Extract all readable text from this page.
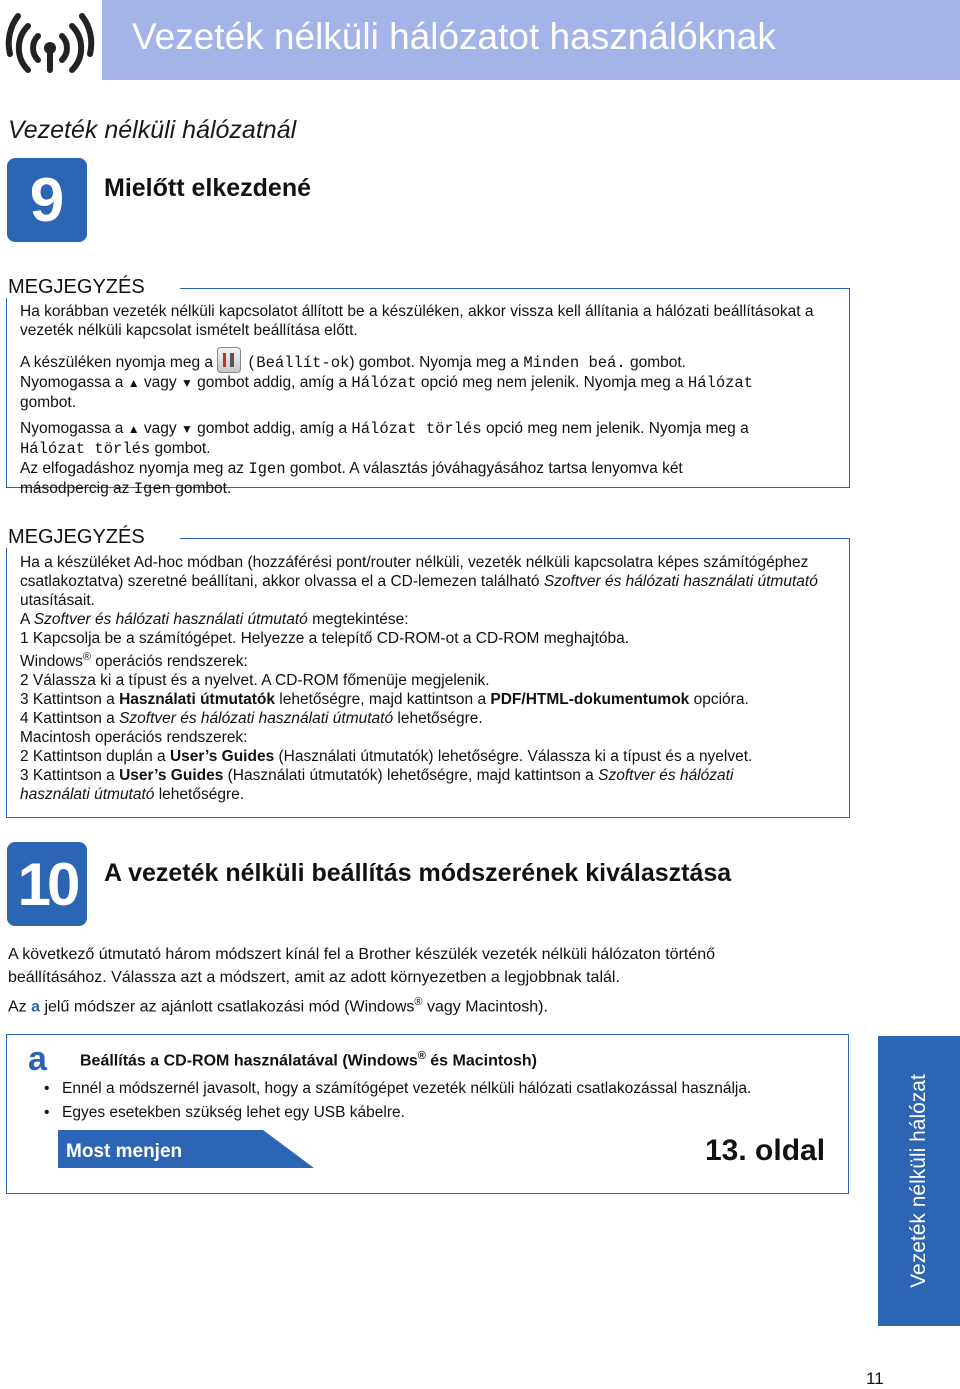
Vezeték nélküli hálózatot használóknak
Vezeték nélküli hálózatnál
9	Mielőtt elkezdené
MEGJEGYZÉS

Ha korábban vezeték nélküli kapcsolatot állított be a készüléken, akkor vissza kell állítania a hálózati beállításokat a vezeték nélküli kapcsolat ismételt beállítása előtt.

A készüléken nyomja meg a (Beállít-ok) gombot. Nyomja meg a Minden beá. gombot.

Nyomogassa a ▲ vagy ▼ gombot addig, amíg a Hálózat opció meg nem jelenik. Nyomja meg a Hálózat
gombot.

Nyomogassa a ▲ vagy ▼ gombot addig, amíg a Hálózat törlés opció meg nem jelenik. Nyomja meg a
Hálózat törlés gombot.

Az elfogadáshoz nyomja meg az Igen gombot. A választás jóváhagyásához tartsa lenyomva két
másodpercig az Igen gombot.

MEGJEGYZÉS

Ha a készüléket Ad-hoc módban (hozzáférési pont/router nélküli, vezeték nélküli kapcsolatra képes számítógéphez csatlakoztatva) szeretné beállítani, akkor olvassa el a CD-lemezen található Szoftver és hálózati használati útmutató utasításait.

A Szoftver és hálózati használati útmutató megtekintése:

1 Kapcsolja be a számítógépet. Helyezze a telepítő CD-ROM-ot a CD-ROM meghajtóba.

Windows® operációs rendszerek:

2 Válassza ki a típust és a nyelvet. A CD-ROM főmenüje megjelenik.

3 Kattintson a Használati útmutatók lehetőségre, majd kattintson a PDF/HTML-dokumentumok opcióra.

4 Kattintson a Szoftver és hálózati használati útmutató lehetőségre.

Macintosh operációs rendszerek:

2 Kattintson duplán a User’s Guides (Használati útmutatók) lehetőségre. Válassza ki a típust és a nyelvet.

3 Kattintson a User’s Guides (Használati útmutatók) lehetőségre, majd kattintson a Szoftver és hálózati
használati útmutató lehetőségre.

10	A vezeték nélküli beállítás módszerének kiválasztása

A következő útmutató három módszert kínál fel a Brother készülék vezeték nélküli hálózaton történő beállításához. Válassza azt a módszert, amit az adott környezetben a legjobbnak talál.

Az a jelű módszer az ajánlott csatlakozási mód (Windows® vagy Macintosh).

a Beállítás a CD-ROM használatával (Windows® és Macintosh)
• Ennél a módszernél javasolt, hogy a számítógépet vezeték nélküli hálózati csatlakozással használja.
• Egyes esetekben szükség lehet egy USB kábelre.
Most menjen	13. oldal	Vezeték nélküli hálózat
11
